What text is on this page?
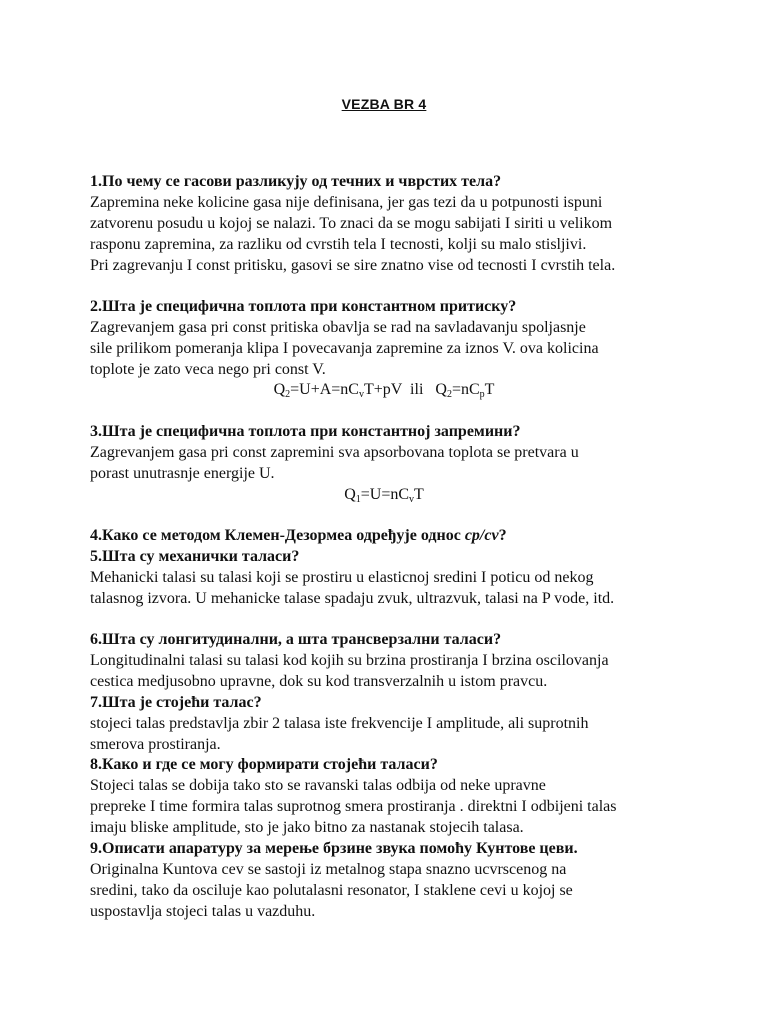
VEZBA BR 4
1.По чему се гасови разликују од течних и чврстих тела?
Zapremina neke kolicine gasa nije definisana, jer gas tezi da u potpunosti ispuni
zatvorenu posudu u kojoj se nalazi. To znaci da se mogu sabijati I siriti u velikom
rasponu zapremina, za razliku od cvrstih tela I tecnosti, kolji su malo stisljivi.
Pri zagrevanju I const pritisku, gasovi se sire znatno vise od tecnosti I cvrstih tela.
2.Шта је специфична топлота при константном притиску?
Zagrevanjem gasa pri const pritiska obavlja se rad na savladavanju spoljasnje
sile prilikom pomeranja klipa I povecavanja zapremine za iznos V. ova kolicina
toplote je zato veca nego pri const V.
$Q_2=U+A=nC_vT+pV$  ili   $Q_2=nC_pT$
3.Шта је специфична топлота при константној запремини?
Zagrevanjem gasa pri const zapremini sva apsorbovana toplota se pretvara u
porast unutrasnje energije U.
$Q_1=U=nC_vT$
4.Како се методом Клемен-Дезормеа одређује однос cp/cv?
5.Шта су механички таласи?
Mehanicki talasi su talasi koji se prostiru u elasticnoj sredini I poticu od nekog
talasnog izvora. U mehanicke talase spadaju zvuk, ultrazvuk, talasi na P vode, itd.
6.Шта су лонгитудинални, а шта трансверзални таласи?
Longitudinalni talasi su talasi kod kojih su brzina prostiranja I brzina oscilovanja
cestica medjusobno upravne, dok su kod transverzalnih u istom pravcu.
7.Шта је стојећи талас?
stojeci talas predstavlja zbir 2 talasa iste frekvencije I amplitude, ali suprotnih
smerova prostiranja.
8.Како и где се могу формирати стојећи таласи?
Stojeci talas se dobija tako sto se ravanski talas odbija od neke upravne
prepreke I time formira talas suprotnog smera prostiranja . direktni I odbijeni talas
imaju bliske amplitude, sto je jako bitno za nastanak stojecih talasa.
9.Описати апаратуру за мерење брзине звука помоћу Кунтове цеви.
Originalna Kuntova cev se sastoji iz metalnog stapa snazno ucvrscenog na
sredini, tako da osciluje kao polutalasni resonator, I staklene cevi u kojoj se
uspostavlja stojeci talas u vazduhu.
